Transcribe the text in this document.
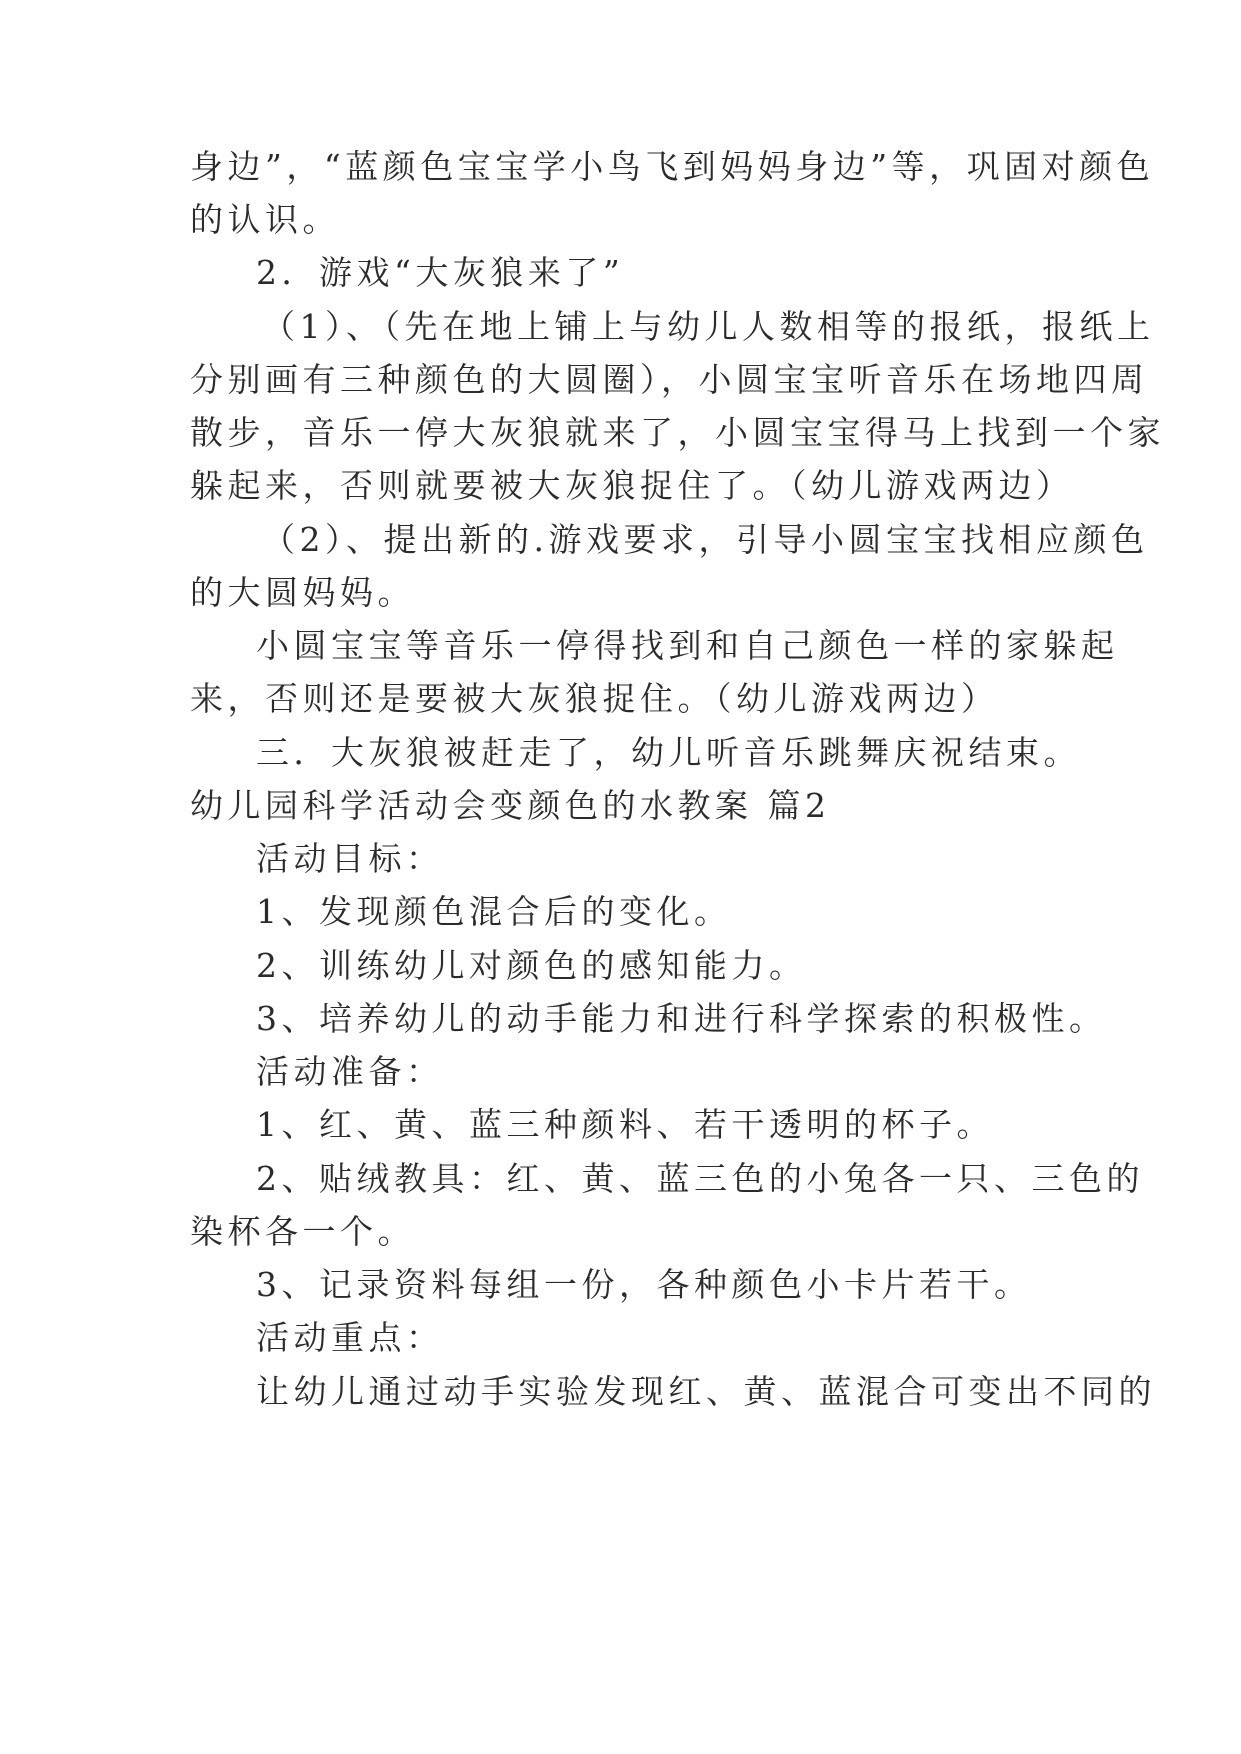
身边”，“蓝颜色宝宝学小鸟飞到妈妈身边”等，巩固对颜色
的认识。
2．游戏“大灰狼来了”
（1）、（先在地上铺上与幼儿人数相等的报纸，报纸上
分别画有三种颜色的大圆圈），小圆宝宝听音乐在场地四周
散步，音乐一停大灰狼就来了，小圆宝宝得马上找到一个家
躲起来，否则就要被大灰狼捉住了。（幼儿游戏两边）
（2）、提出新的.游戏要求，引导小圆宝宝找相应颜色
的大圆妈妈。
小圆宝宝等音乐一停得找到和自己颜色一样的家躲起
来，否则还是要被大灰狼捉住。（幼儿游戏两边）
三．大灰狼被赶走了，幼儿听音乐跳舞庆祝结束。
幼儿园科学活动会变颜色的水教案 篇2
活动目标：
1、发现颜色混合后的变化。
2、训练幼儿对颜色的感知能力。
3、培养幼儿的动手能力和进行科学探索的积极性。
活动准备：
1、红、黄、蓝三种颜料、若干透明的杯子。
2、贴绒教具：红、黄、蓝三色的小兔各一只、三色的
染杯各一个。
3、记录资料每组一份，各种颜色小卡片若干。
活动重点：
让幼儿通过动手实验发现红、黄、蓝混合可变出不同的
